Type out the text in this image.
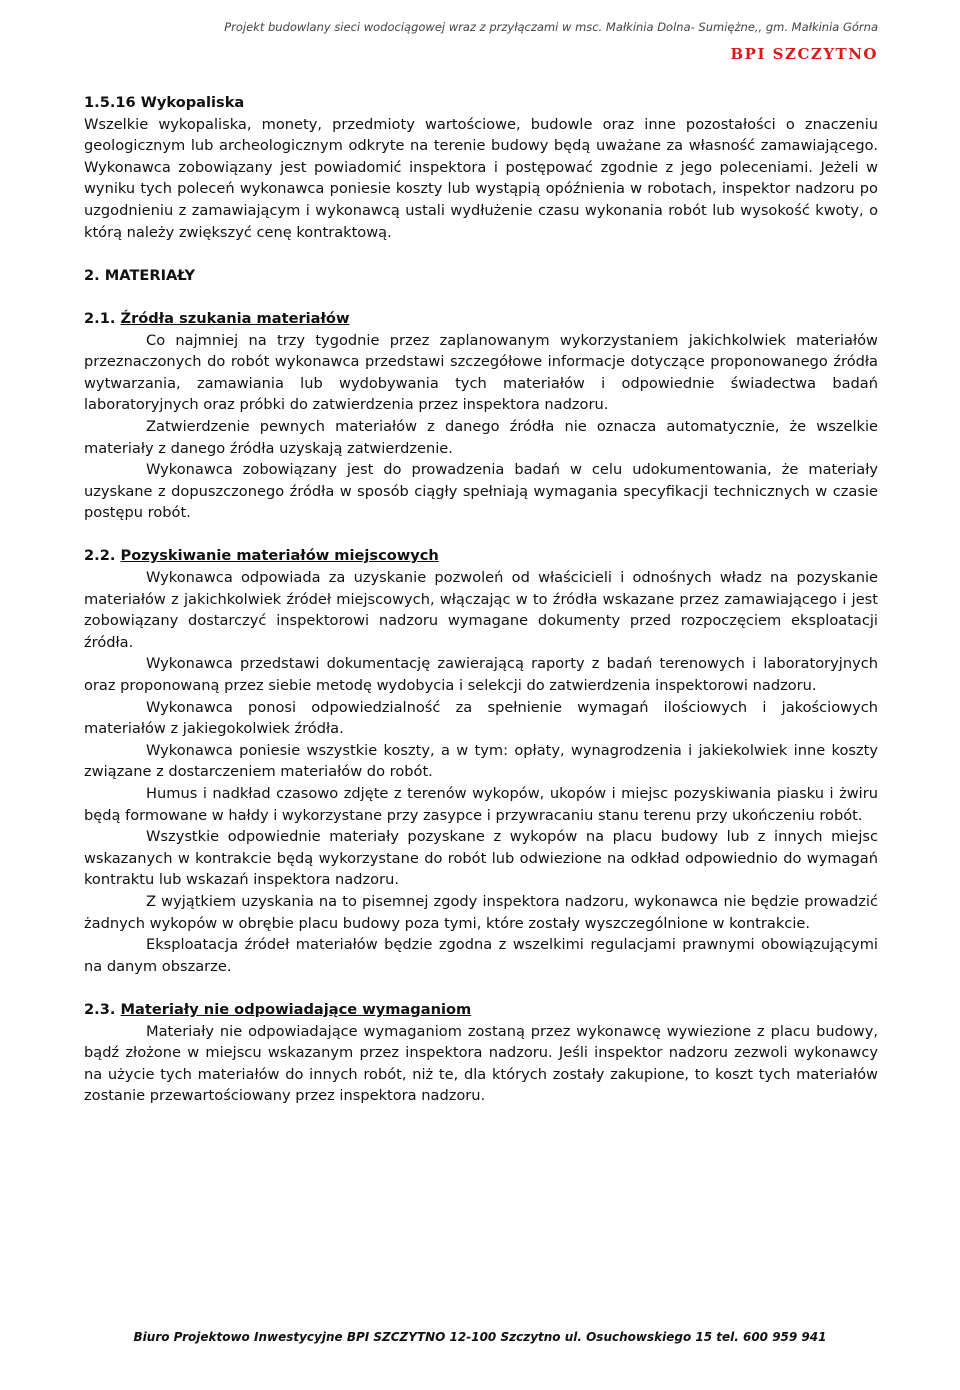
Projekt budowlany sieci wodociągowej wraz z przyłączami w msc. Małkinia Dolna- Sumiężne,, gm. Małkinia Górna
BPI SZCZYTNO

1.5.16 Wykopaliska

Wszelkie wykopaliska, monety, przedmioty wartościowe, budowle oraz inne pozostałości o znaczeniu geologicznym lub archeologicznym odkryte na terenie budowy będą uważane za własność zamawiającego. Wykonawca zobowiązany jest powiadomić inspektora i postępować zgodnie z jego poleceniami. Jeżeli w wyniku tych poleceń wykonawca poniesie koszty lub wystąpią opóźnienia w robotach, inspektor nadzoru po uzgodnieniu z zamawiającym i wykonawcą ustali wydłużenie czasu wykonania robót lub wysokość kwoty, o którą należy zwiększyć cenę kontraktową.

2. MATERIAŁY

2.1. Źródła szukania materiałów

Co najmniej na trzy tygodnie przez zaplanowanym wykorzystaniem jakichkolwiek materiałów przeznaczonych do robót wykonawca przedstawi szczegółowe informacje dotyczące proponowanego źródła wytwarzania, zamawiania lub wydobywania tych materiałów i odpowiednie świadectwa badań laboratoryjnych oraz próbki do zatwierdzenia przez inspektora nadzoru.

Zatwierdzenie pewnych materiałów z danego źródła nie oznacza automatycznie, że wszelkie materiały z danego źródła uzyskają zatwierdzenie.

Wykonawca zobowiązany jest do prowadzenia badań w celu udokumentowania, że materiały uzyskane z dopuszczonego źródła w sposób ciągły spełniają wymagania specyfikacji technicznych w czasie postępu robót.

2.2. Pozyskiwanie materiałów miejscowych

Wykonawca odpowiada za uzyskanie pozwoleń od właścicieli i odnośnych władz na pozyskanie materiałów z jakichkolwiek źródeł miejscowych, włączając w to źródła wskazane przez zamawiającego i jest zobowiązany dostarczyć inspektorowi nadzoru wymagane dokumenty przed rozpoczęciem eksploatacji źródła.

Wykonawca przedstawi dokumentację zawierającą raporty z badań terenowych i laboratoryjnych oraz proponowaną przez siebie metodę wydobycia i selekcji do zatwierdzenia inspektorowi nadzoru.

Wykonawca ponosi odpowiedzialność za spełnienie wymagań ilościowych i jakościowych materiałów z jakiegokolwiek źródła.

Wykonawca poniesie wszystkie koszty, a w tym: opłaty, wynagrodzenia i jakiekolwiek inne koszty związane z dostarczeniem materiałów do robót.

Humus i nadkład czasowo zdjęte z terenów wykopów, ukopów i miejsc pozyskiwania piasku i żwiru będą formowane w hałdy i wykorzystane przy zasypce i przywracaniu stanu terenu przy ukończeniu robót.

Wszystkie odpowiednie materiały pozyskane z wykopów na placu budowy lub z innych miejsc wskazanych w kontrakcie będą wykorzystane do robót lub odwiezione na odkład odpowiednio do wymagań kontraktu lub wskazań inspektora nadzoru.

Z wyjątkiem uzyskania na to pisemnej zgody inspektora nadzoru, wykonawca nie będzie prowadzić żadnych wykopów w obrębie placu budowy poza tymi, które zostały wyszczególnione w kontrakcie.

Eksploatacja źródeł materiałów będzie zgodna z wszelkimi regulacjami prawnymi obowiązującymi na danym obszarze.

2.3. Materiały nie odpowiadające wymaganiom

Materiały nie odpowiadające wymaganiom zostaną przez wykonawcę wywiezione z placu budowy, bądź złożone w miejscu wskazanym przez inspektora nadzoru. Jeśli inspektor nadzoru zezwoli wykonawcy na użycie tych materiałów do innych robót, niż te, dla których zostały zakupione, to koszt tych materiałów zostanie przewartościowany przez inspektora nadzoru.

Biuro Projektowo Inwestycyjne BPI SZCZYTNO 12-100 Szczytno ul. Osuchowskiego 15 tel. 600 959 941
